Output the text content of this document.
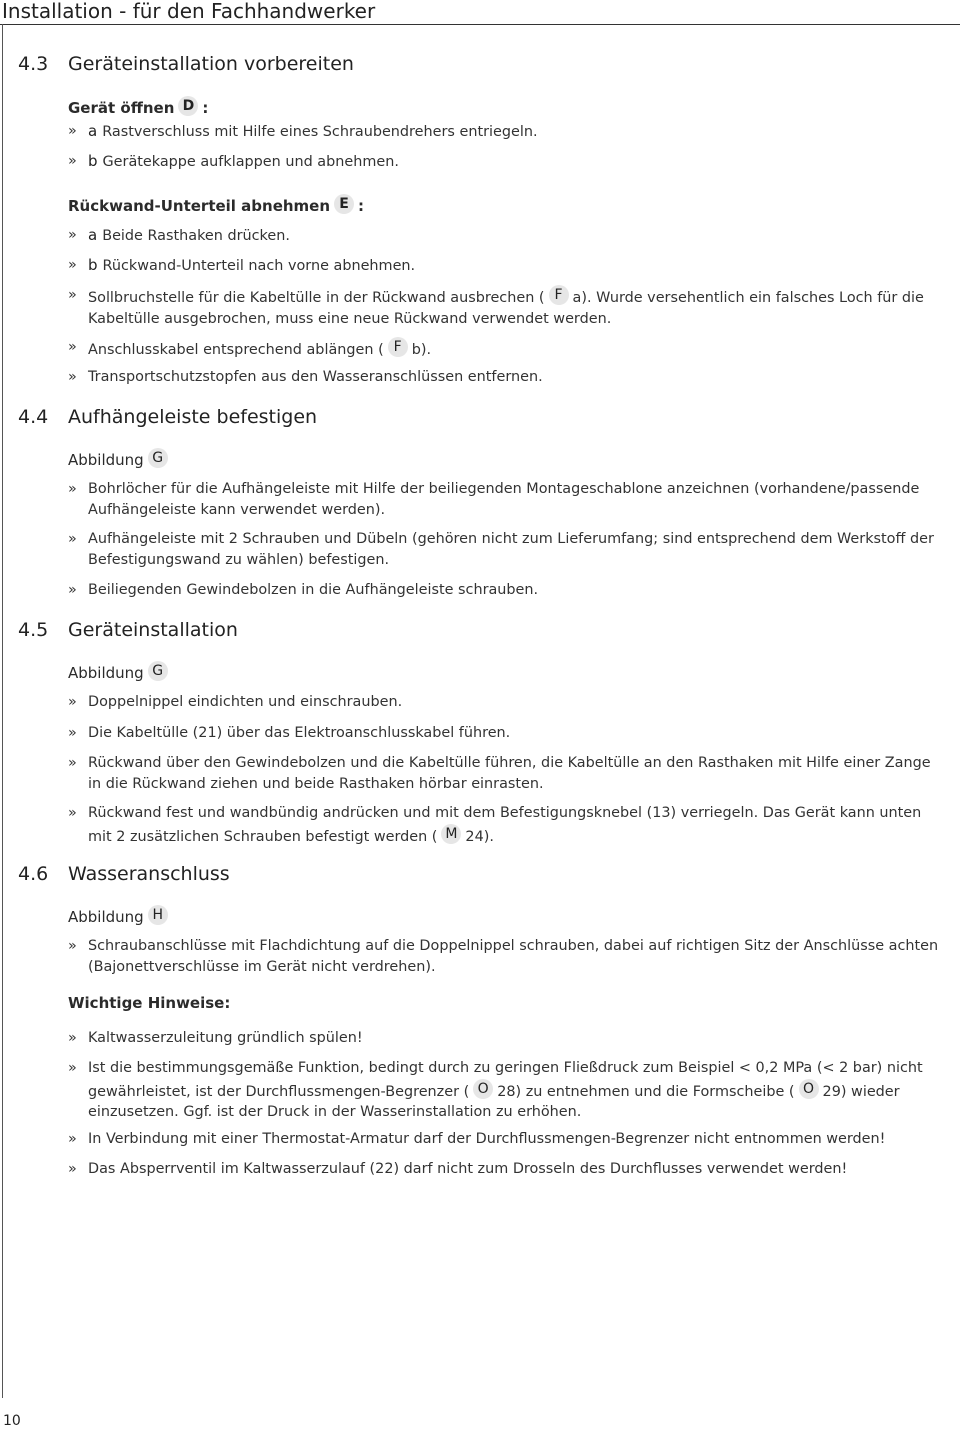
Installation - für den Fachhandwerker
4.3 Geräteinstallation vorbereiten
Gerät öffnen D :
» a Rastverschluss mit Hilfe eines Schraubendrehers entriegeln.
» b Gerätekappe aufklappen und abnehmen.
Rückwand-Unterteil abnehmen E :
» a Beide Rasthaken drücken.
» b Rückwand-Unterteil nach vorne abnehmen.
» Sollbruchstelle für die Kabeltülle in der Rückwand ausbrechen ( F a). Wurde versehentlich ein falsches Loch für die Kabeltülle ausgebrochen, muss eine neue Rückwand verwendet werden.
» Anschlusskabel entsprechend ablängen ( F b).
» Transportschutzstopfen aus den Wasseranschlüssen entfernen.
4.4 Aufhängeleiste befestigen
Abbildung G
» Bohrlöcher für die Aufhängeleiste mit Hilfe der beiliegenden Montageschablone anzeichnen (vorhandene/passende Aufhängeleiste kann verwendet werden).
» Aufhängeleiste mit 2 Schrauben und Dübeln (gehören nicht zum Lieferumfang; sind entsprechend dem Werkstoff der Befestigungswand zu wählen) befestigen.
» Beiliegenden Gewindebolzen in die Aufhängeleiste schrauben.
4.5 Geräteinstallation
Abbildung G
» Doppelnippel eindichten und einschrauben.
» Die Kabeltülle (21) über das Elektroanschlusskabel führen.
» Rückwand über den Gewindebolzen und die Kabeltülle führen, die Kabeltülle an den Rasthaken mit Hilfe einer Zange in die Rückwand ziehen und beide Rasthaken hörbar einrasten.
» Rückwand fest und wandbündig andrücken und mit dem Befestigungsknebel (13) verriegeln. Das Gerät kann unten mit 2 zusätzlichen Schrauben befestigt werden ( M 24).
4.6 Wasseranschluss
Abbildung H
» Schraubanschlüsse mit Flachdichtung auf die Doppelnippel schrauben, dabei auf richtigen Sitz der Anschlüsse achten (Bajonettverschlüsse im Gerät nicht verdrehen).
Wichtige Hinweise:
» Kaltwasserzuleitung gründlich spülen!
» Ist die bestimmungsgemäße Funktion, bedingt durch zu geringen Fließdruck zum Beispiel < 0,2 MPa (< 2 bar) nicht gewährleistet, ist der Durchflussmengen-Begrenzer ( O 28) zu entnehmen und die Formscheibe ( O 29) wieder einzusetzen. Ggf. ist der Druck in der Wasserinstallation zu erhöhen.
» In Verbindung mit einer Thermostat-Armatur darf der Durchflussmengen-Begrenzer nicht entnommen werden!
» Das Absperrventil im Kaltwasserzulauf (22) darf nicht zum Drosseln des Durchflusses verwendet werden!
10
